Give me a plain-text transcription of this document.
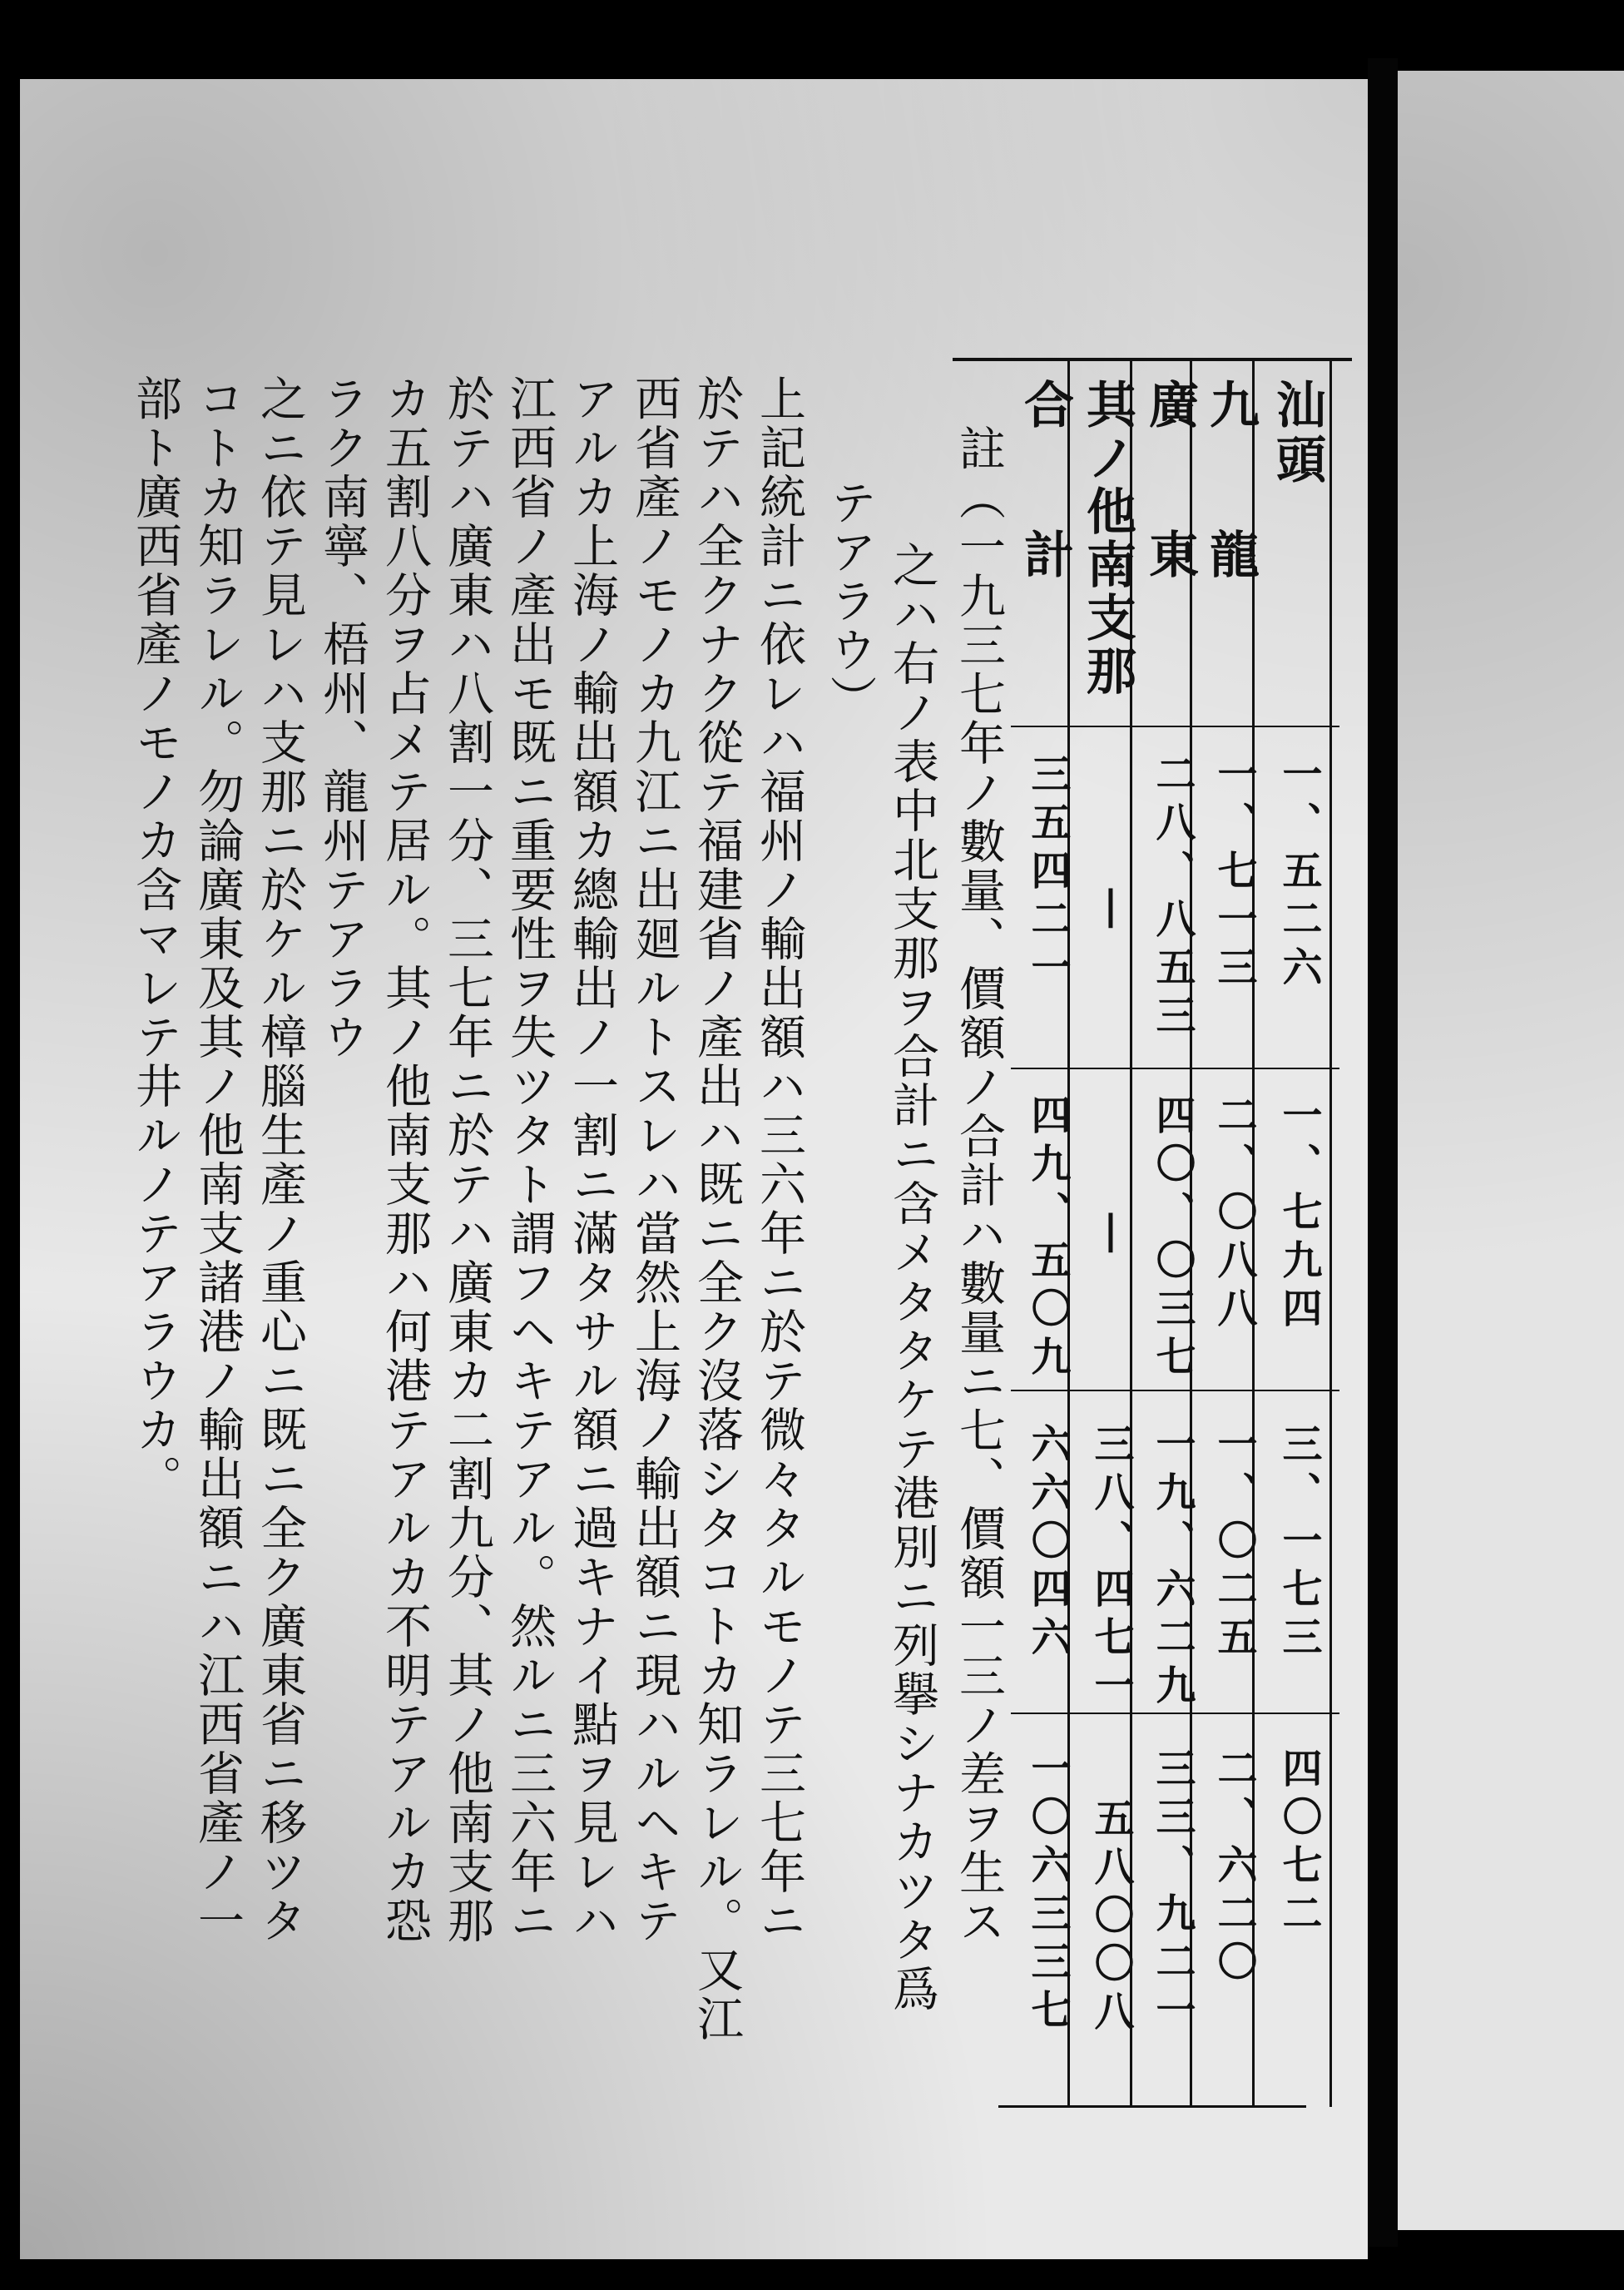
汕頭
一、五二六
一、七九四
三、一七三
四〇七二
九龍
一、七一三
二、〇八八
一、〇二五
二、六二〇
廣東
二八、八五三
四〇、〇三七
一九、六二九
三三、九二一
其ノ他南支那
|
|
三八、四七一
五八〇〇八
合計
三五四二一
四九、五〇九
六六〇四六
一〇六三三七
註（一九三七年ノ數量、價額ノ合計ハ數量ニ七、價額一三ノ差ヲ生ス
之ハ右ノ表中北支那ヲ合計ニ含メタタケテ港別ニ列擧シナカツタ爲
テアラウ）
上記統計ニ依レハ福州ノ輸出額ハ三六年ニ於テ微々タルモノテ三七年ニ
於テハ全クナク從テ福建省ノ產出ハ既ニ全ク沒落シタコトカ知ラレル。又江
西省產ノモノカ九江ニ出廻ルトスレハ當然上海ノ輸出額ニ現ハルヘキテ
アルカ上海ノ輸出額カ總輸出ノ一割ニ滿タサル額ニ過キナイ點ヲ見レハ
江西省ノ產出モ既ニ重要性ヲ失ツタト謂フヘキテアル。然ルニ三六年ニ
於テハ廣東ハ八割一分、三七年ニ於テハ廣東カ二割九分、其ノ他南支那
カ五割八分ヲ占メテ居ル。其ノ他南支那ハ何港テアルカ不明テアルカ恐
ラク南寧、梧州、龍州テアラウ
之ニ依テ見レハ支那ニ於ケル樟腦生產ノ重心ニ既ニ全ク廣東省ニ移ツタ
コトカ知ラレル。勿論廣東及其ノ他南支諸港ノ輸出額ニハ江西省產ノ一
部ト廣西省產ノモノカ含マレテ井ルノテアラウカ。
